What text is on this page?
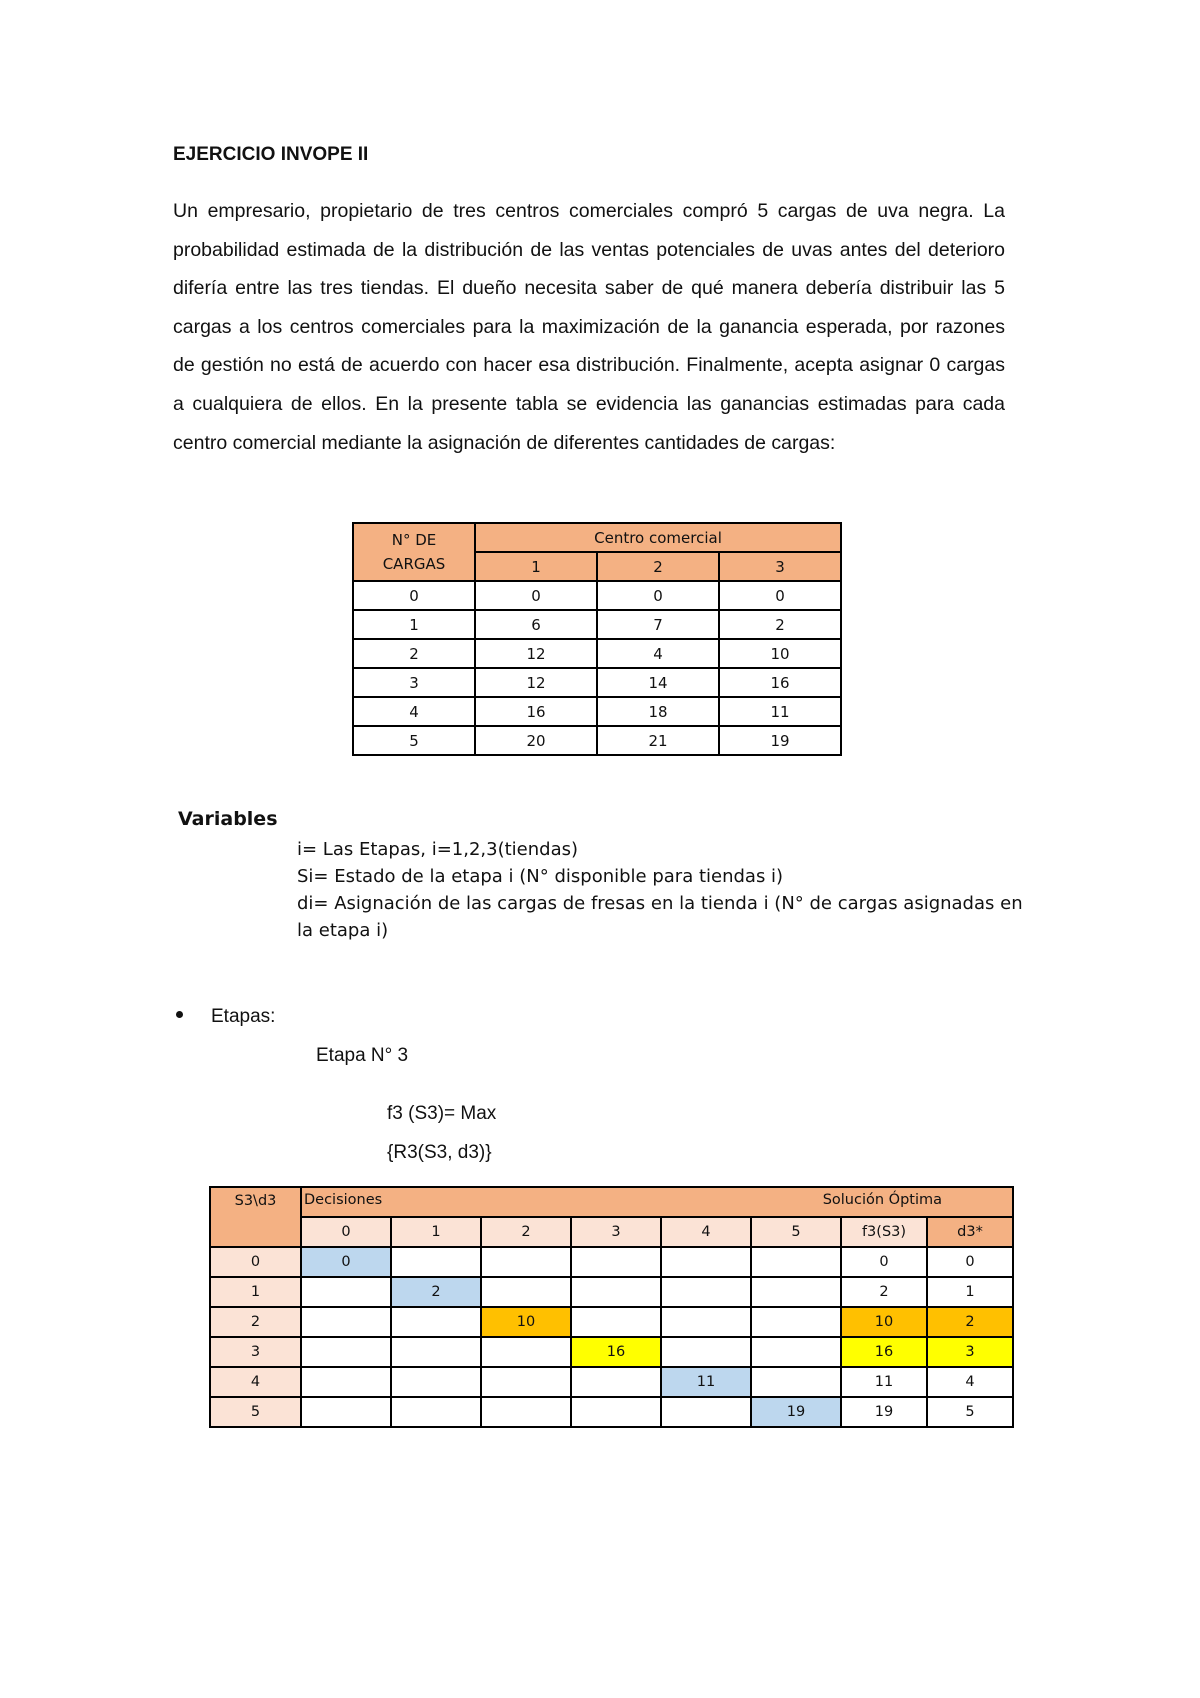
EJERCICIO INVOPE II
Un empresario, propietario de tres centros comerciales compró 5 cargas de uva negra. La probabilidad estimada de la distribución de las ventas potenciales de uvas antes del deterioro difería entre las tres tiendas. El dueño necesita saber de qué manera debería distribuir las 5 cargas a los centros comerciales para la maximización de la ganancia esperada, por razones de gestión no está de acuerdo con hacer esa distribución. Finalmente, acepta asignar 0 cargas a cualquiera de ellos. En la presente tabla se evidencia las ganancias estimadas para cada centro comercial mediante la asignación de diferentes cantidades de cargas:
N° DE
CARGAS	Centro comercial		
	1	2	3
0	0	0	0
1	6	7	2
2	12	4	10
3	12	14	16
4	16	18	11
5	20	21	19
Variables
i= Las Etapas, i=1,2,3(tiendas)
Si= Estado de la etapa i (N° disponible para tiendas i)
di= Asignación de las cargas de fresas en la tienda i (N° de cargas asignadas en la etapa i)
Etapas:
Etapa N° 3
f3 (S3)= Max
{R3(S3, d3)}
S3\d3	Decisiones Solución Óptima							

	0	1	2	3	4	5	f3(S3)	d3*
0	0						0	0
1		2					2	1
2			10				10	2
3				16			16	3
4					11		11	4
5						19	19	5
